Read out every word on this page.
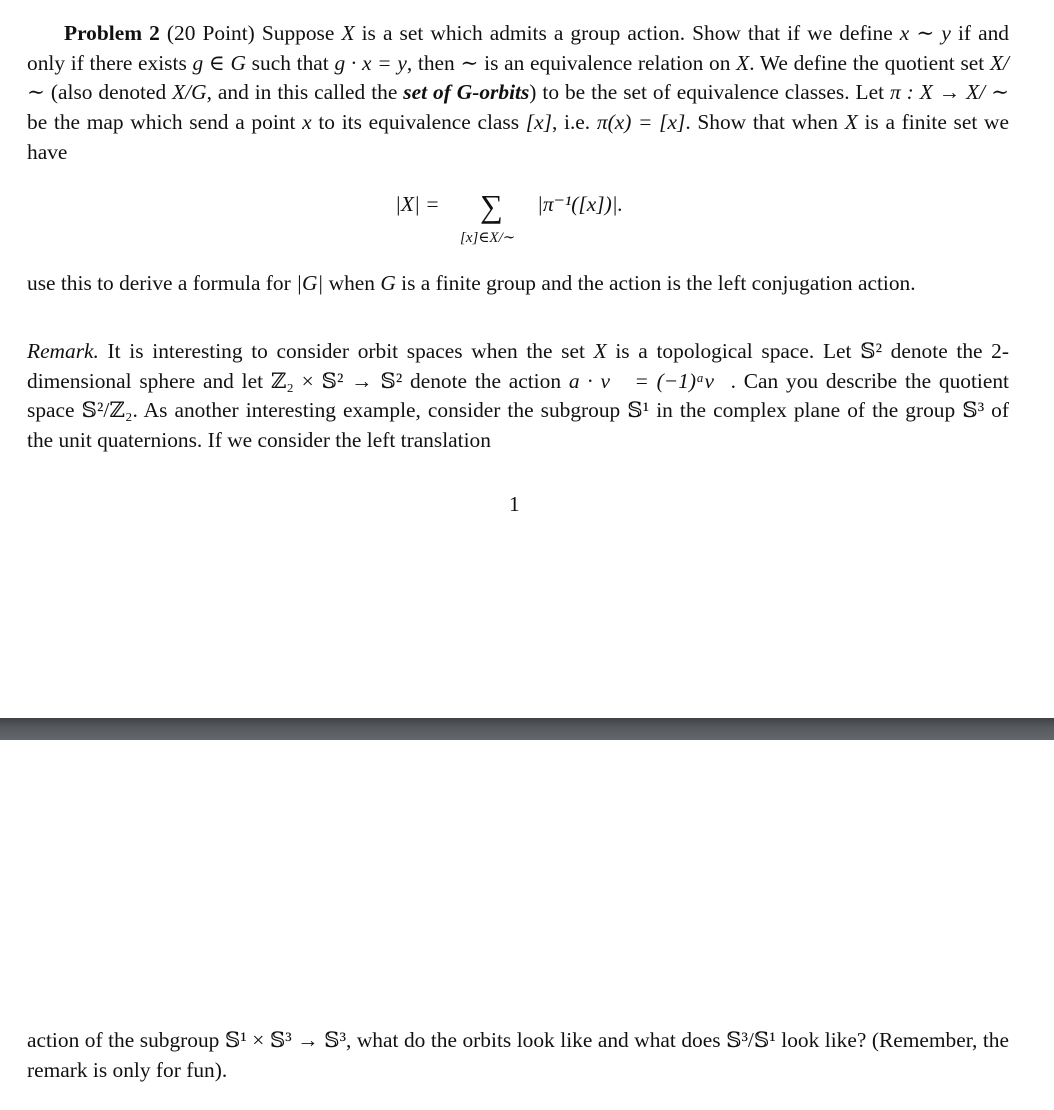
Problem 2 (20 Point) Suppose X is a set which admits a group action. Show that if we define x ∼ y if and only if there exists g ∈ G such that g · x = y, then ∼ is an equivalence relation on X. We define the quotient set X/ ∼ (also denoted X/G, and in this called the set of G-orbits) to be the set of equivalence classes. Let π : X → X/ ∼ be the map which send a point x to its equivalence class [x], i.e. π(x) = [x]. Show that when X is a finite set we have
|X| = ∑
[x]∈X/∼
|π⁻¹([x])|.
use this to derive a formula for |G| when G is a finite group and the action is the left conjugation action.
Remark. It is interesting to consider orbit spaces when the set X is a topological space. Let 𝕊² denote the 2-dimensional sphere and let ℤ₂ × 𝕊² → 𝕊² denote the action a · v⃗ = (−1)ᵃv⃗. Can you describe the quotient space 𝕊²/ℤ₂. As another interesting example, consider the subgroup 𝕊¹ in the complex plane of the group 𝕊³ of the unit quaternions. If we consider the left translation
1
action of the subgroup 𝕊¹ × 𝕊³ → 𝕊³, what do the orbits look like and what does 𝕊³/𝕊¹ look like? (Remember, the remark is only for fun).
